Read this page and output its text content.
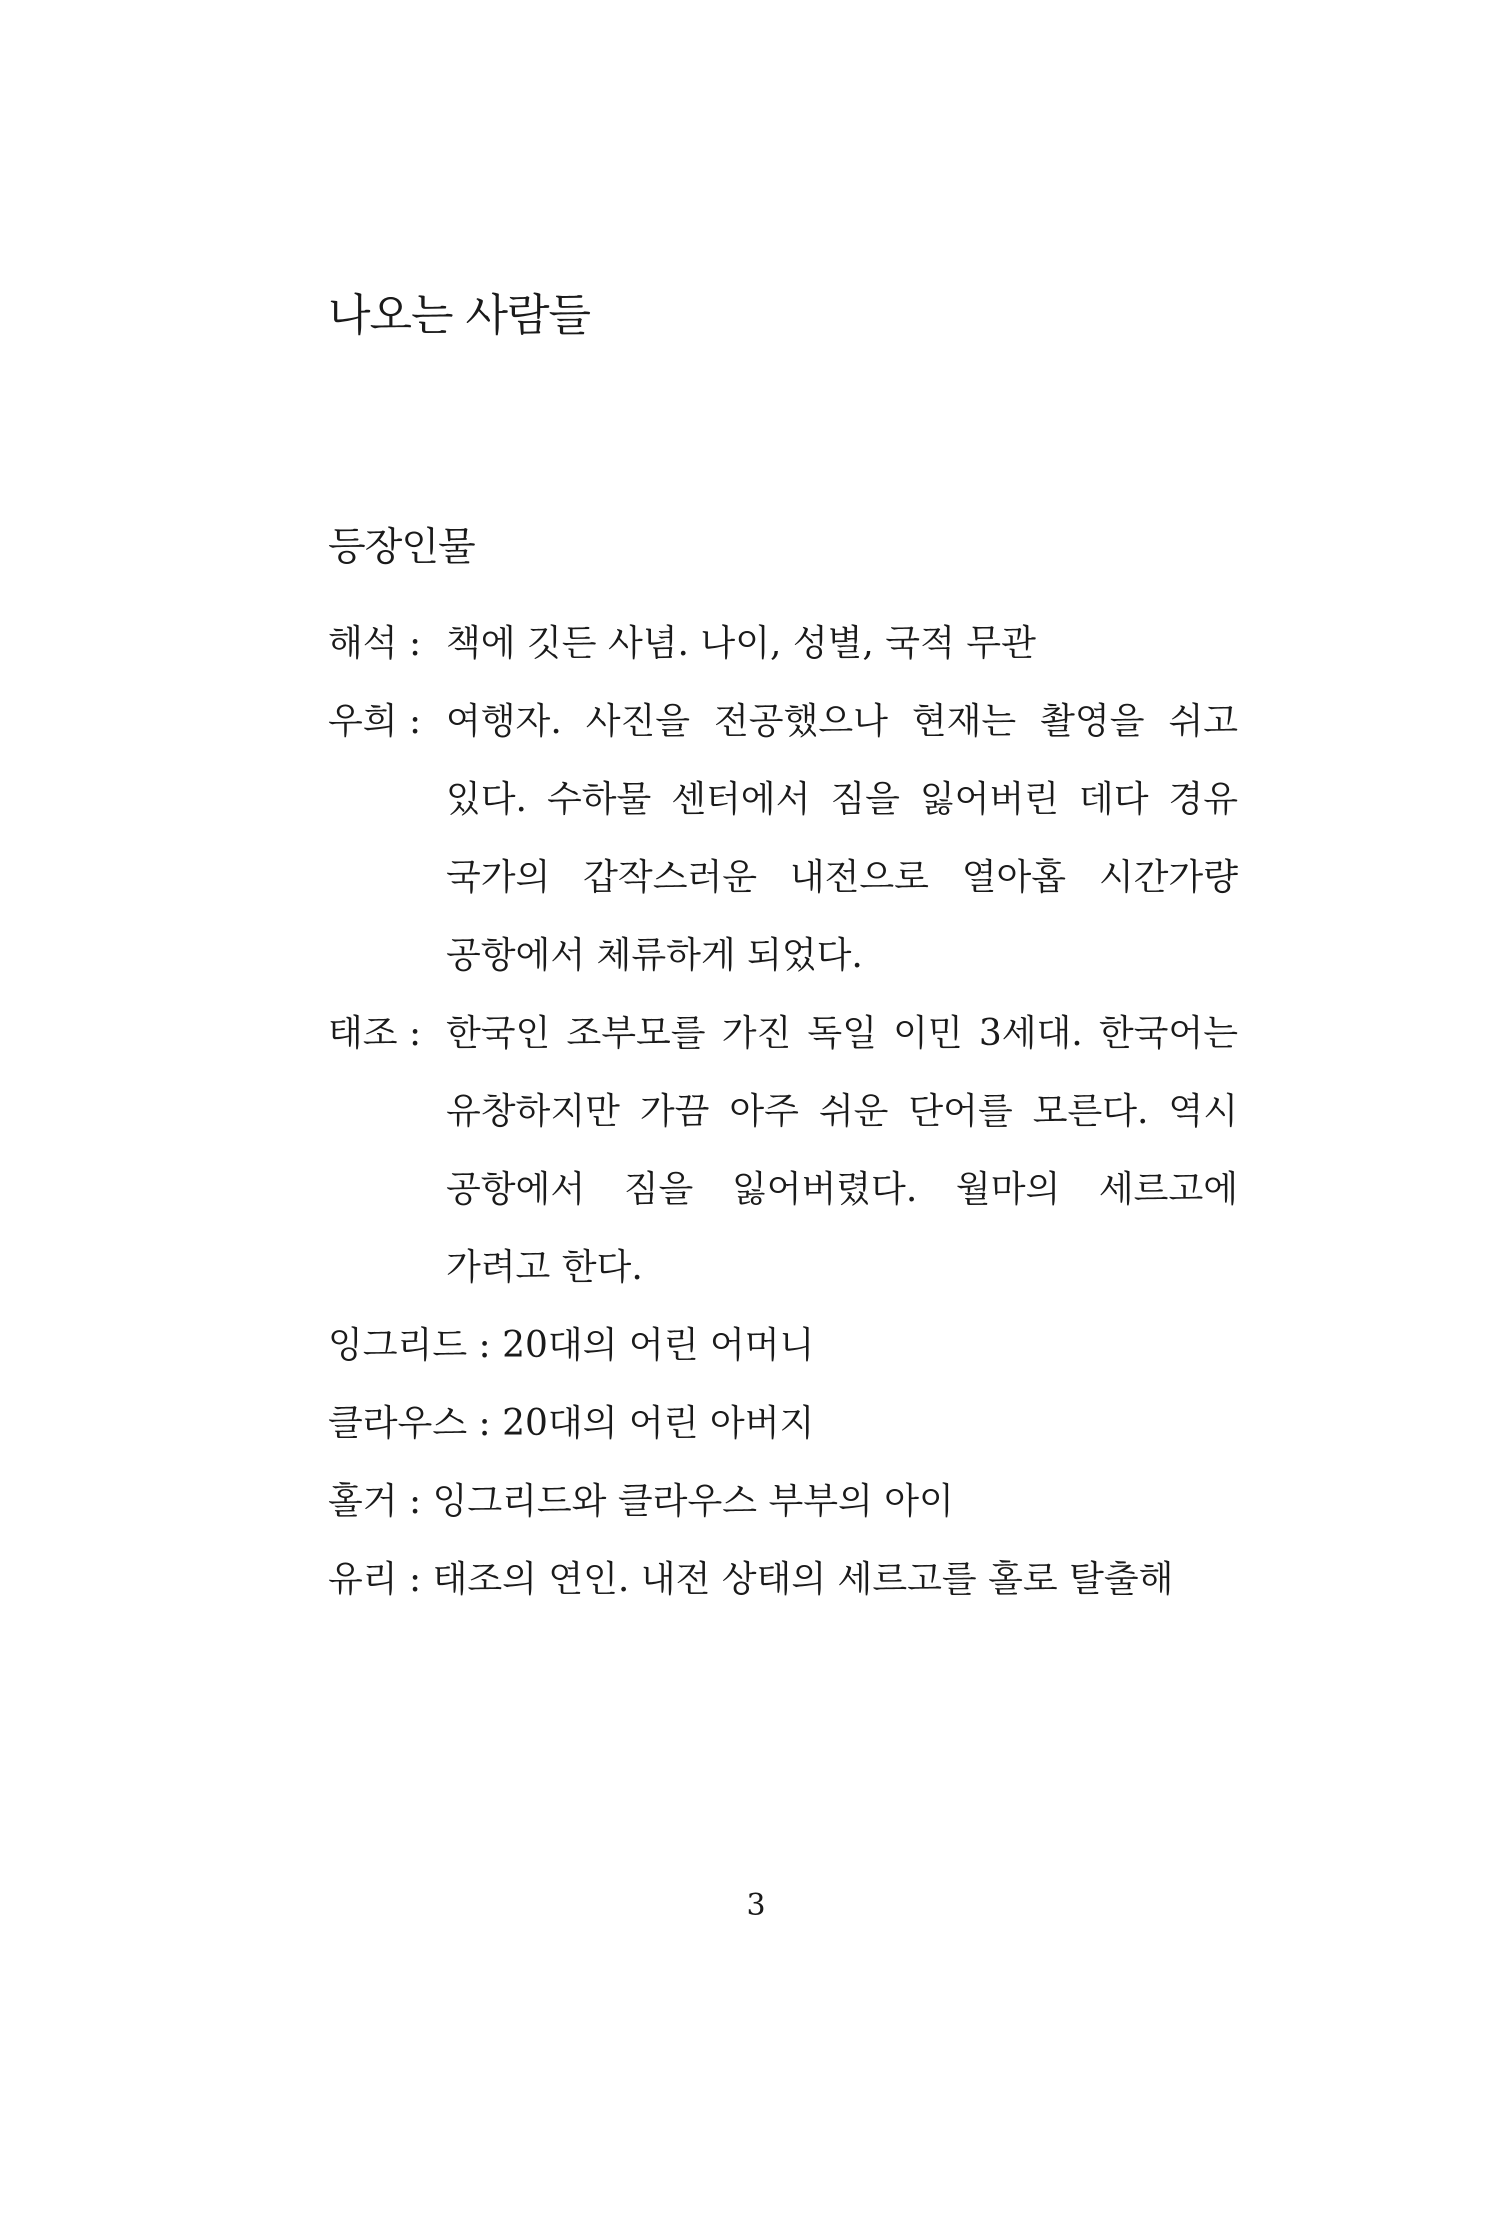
나오는 사람들
등장인물
해석 : 책에 깃든 사념. 나이, 성별, 국적 무관
우희 : 여행자. 사진을 전공했으나 현재는 촬영을 쉬고 있다. 수하물 센터에서 짐을 잃어버린 데다 경유 국가의 갑작스러운 내전으로 열아홉 시간가량 공항에서 체류하게 되었다.
태조 : 한국인 조부모를 가진 독일 이민 3세대. 한국어는 유창하지만 가끔 아주 쉬운 단어를 모른다. 역시 공항에서 짐을 잃어버렸다. 월마의 세르고에 가려고 한다.
잉그리드 : 20대의 어린 어머니
클라우스 : 20대의 어린 아버지
홀거 : 잉그리드와 클라우스 부부의 아이
유리 : 태조의 연인. 내전 상태의 세르고를 홀로 탈출해
3
